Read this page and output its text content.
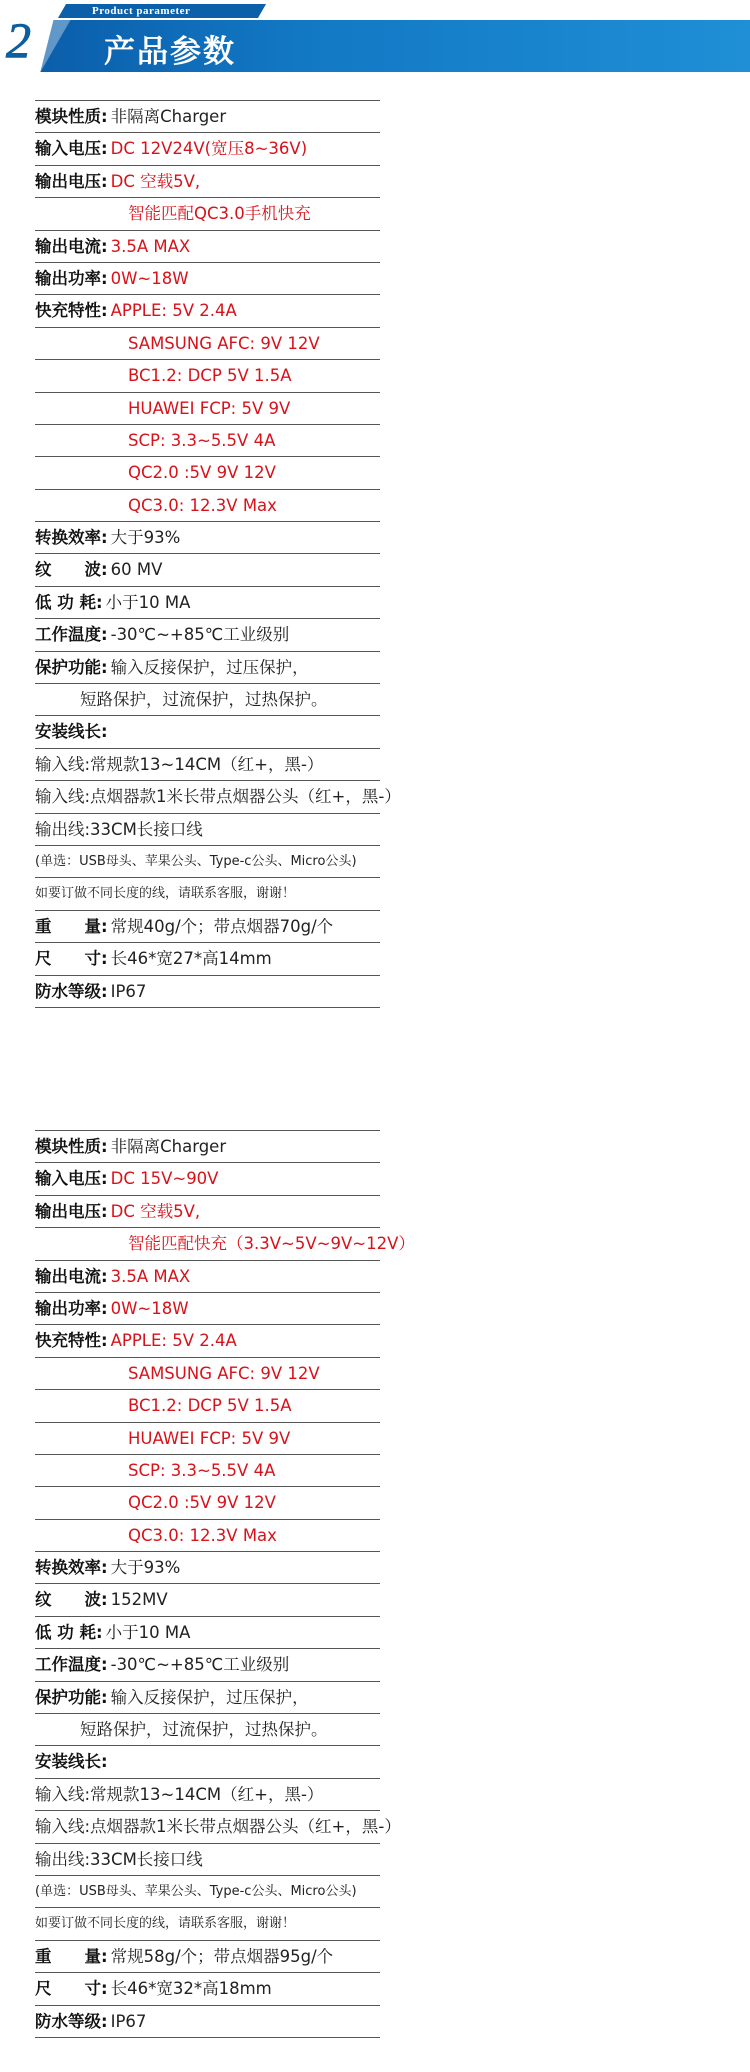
Product parameter
2 产品参数
模块性质: 非隔离Charger
输入电压: DC 12V24V(宽压8~36V)
输出电压: DC 空载5V,
智能匹配QC3.0手机快充
输出电流: 3.5A MAX
输出功率: 0W~18W
快充特性: APPLE: 5V 2.4A
SAMSUNG AFC: 9V 12V
BC1.2: DCP 5V 1.5A
HUAWEI FCP: 5V 9V
SCP: 3.3~5.5V 4A
QC2.0 :5V 9V 12V
QC3.0: 12.3V Max
转换效率: 大于93%
纹　　波: 60 MV
低 功 耗: 小于10 MA
工作温度: -30℃~+85℃工业级别
保护功能: 输入反接保护，过压保护，
短路保护，过流保护，过热保护。
安装线长:
输入线:常规款13~14CM（红+，黑-）
输入线:点烟器款1米长带点烟器公头（红+，黑-）
输出线:33CM长接口线
(单选：USB母头、苹果公头、Type-c公头、Micro公头)
如要订做不同长度的线，请联系客服，谢谢！
重　　量: 常规40g/个；带点烟器70g/个
尺　　寸: 长46*宽27*高14mm
防水等级: IP67
模块性质: 非隔离Charger
输入电压: DC 15V~90V
输出电压: DC 空载5V,
智能匹配快充（3.3V~5V~9V~12V）
输出电流: 3.5A MAX
输出功率: 0W~18W
快充特性: APPLE: 5V 2.4A
SAMSUNG AFC: 9V 12V
BC1.2: DCP 5V 1.5A
HUAWEI FCP: 5V 9V
SCP: 3.3~5.5V 4A
QC2.0 :5V 9V 12V
QC3.0: 12.3V Max
转换效率: 大于93%
纹　　波: 152MV
低 功 耗: 小于10 MA
工作温度: -30℃~+85℃工业级别
保护功能: 输入反接保护，过压保护，
短路保护，过流保护，过热保护。
安装线长:
输入线:常规款13~14CM（红+，黑-）
输入线:点烟器款1米长带点烟器公头（红+，黑-）
输出线:33CM长接口线
(单选：USB母头、苹果公头、Type-c公头、Micro公头)
如要订做不同长度的线，请联系客服，谢谢！
重　　量: 常规58g/个；带点烟器95g/个
尺　　寸: 长46*宽32*高18mm
防水等级: IP67
